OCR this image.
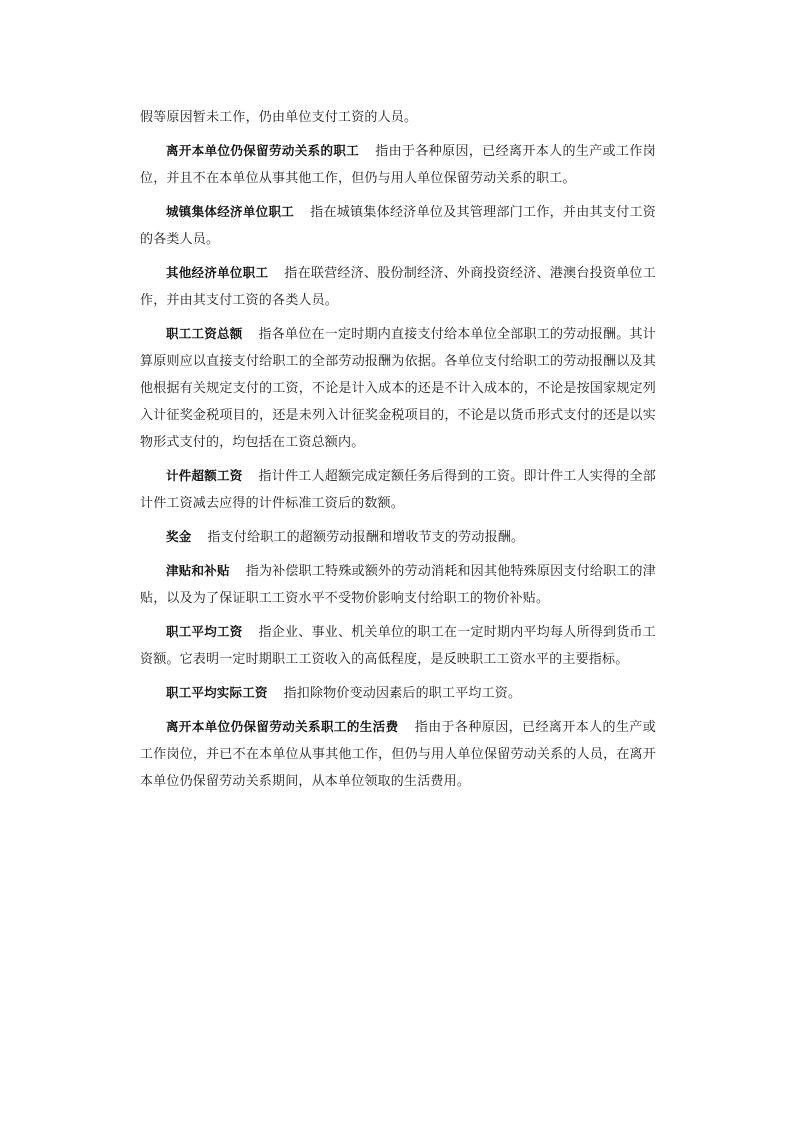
假等原因暂未工作，仍由单位支付工资的人员。

离开本单位仍保留劳动关系的职工 指由于各种原因，已经离开本人的生产或工作岗位，并且不在本单位从事其他工作，但仍与用人单位保留劳动关系的职工。

城镇集体经济单位职工 指在城镇集体经济单位及其管理部门工作，并由其支付工资的各类人员。

其他经济单位职工 指在联营经济、股份制经济、外商投资经济、港澳台投资单位工作，并由其支付工资的各类人员。

职工工资总额 指各单位在一定时期内直接支付给本单位全部职工的劳动报酬。其计算原则应以直接支付给职工的全部劳动报酬为依据。各单位支付给职工的劳动报酬以及其他根据有关规定支付的工资，不论是计入成本的还是不计入成本的，不论是按国家规定列入计征奖金税项目的，还是未列入计征奖金税项目的，不论是以货币形式支付的还是以实物形式支付的，均包括在工资总额内。

计件超额工资 指计件工人超额完成定额任务后得到的工资。即计件工人实得的全部计件工资减去应得的计件标准工资后的数额。

奖金 指支付给职工的超额劳动报酬和增收节支的劳动报酬。

津贴和补贴 指为补偿职工特殊或额外的劳动消耗和因其他特殊原因支付给职工的津贴，以及为了保证职工工资水平不受物价影响支付给职工的物价补贴。

职工平均工资 指企业、事业、机关单位的职工在一定时期内平均每人所得到货币工资额。它表明一定时期职工工资收入的高低程度，是反映职工工资水平的主要指标。

职工平均实际工资 指扣除物价变动因素后的职工平均工资。

离开本单位仍保留劳动关系职工的生活费 指由于各种原因，已经离开本人的生产或工作岗位，并已不在本单位从事其他工作，但仍与用人单位保留劳动关系的人员，在离开本单位仍保留劳动关系期间，从本单位领取的生活费用。
